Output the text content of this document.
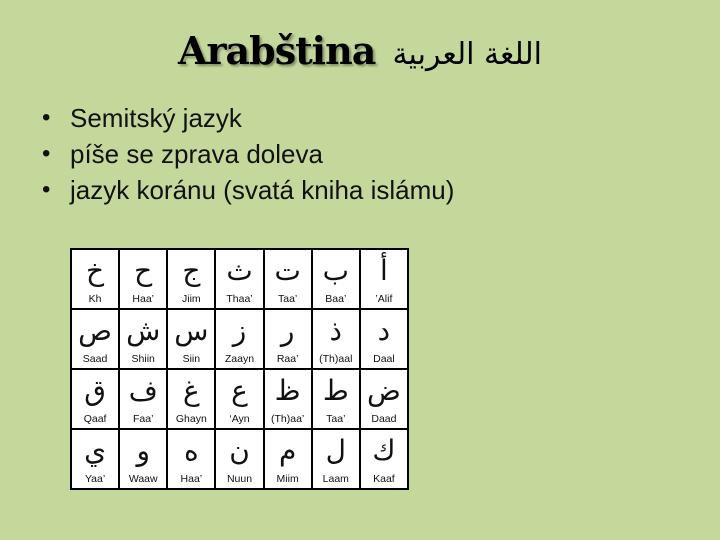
Arabština اللغة العربية
• Semitský jazyk
• píše se zprava doleva
• jazyk koránu (svatá kniha islámu)
خ
Kh
ح
Haa’
ج
Jiim
ث
Thaa’
ت
Taa’
ب
Baa’
أ
’Alif
ص
Saad
ش
Shiin
س
Siin
ز
Zaayn
ر
Raa’
ذ
(Th)aal
د
Daal
ق
Qaaf
ف
Faa’
غ
Ghayn
ع
‘Ayn
ظ
(Th)aa’
ط
Taa’
ض
Daad
ي
Yaa’
و
Waaw
ه
Haa’
ن
Nuun
م
Miim
ل
Laam
ك
Kaaf
